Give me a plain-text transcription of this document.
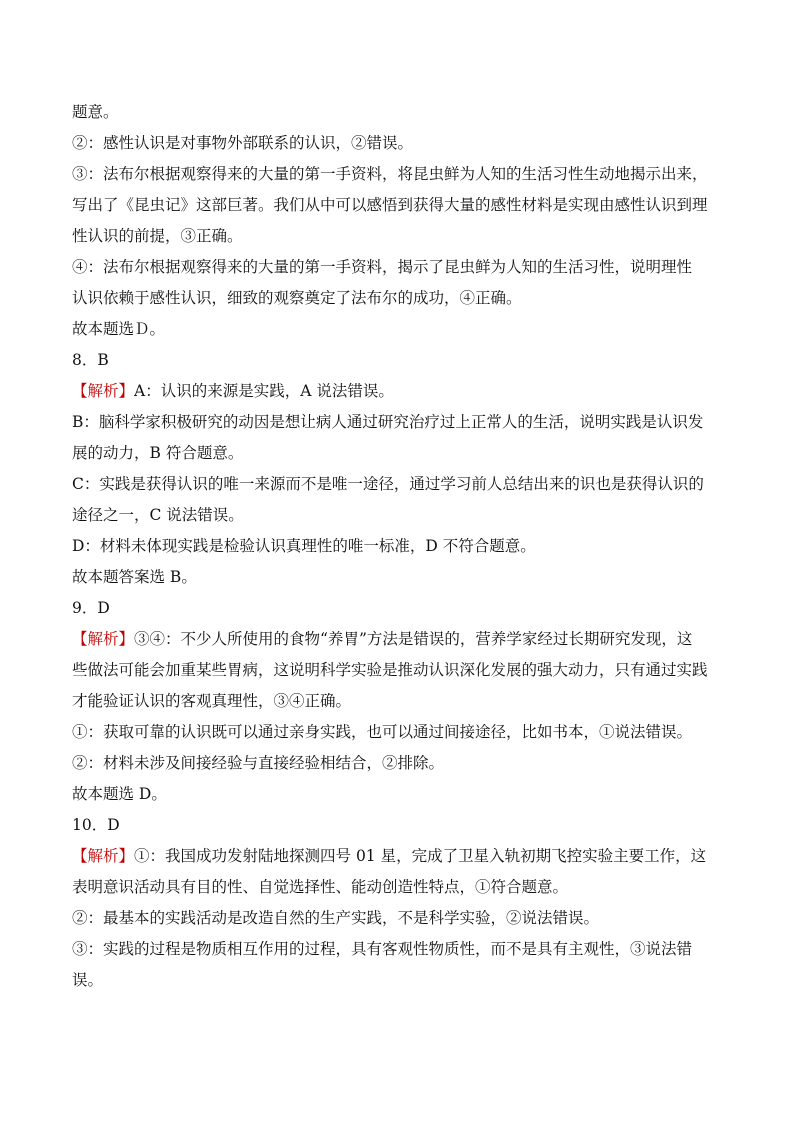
题意。

②：感性认识是对事物外部联系的认识，②错误。

③：法布尔根据观察得来的大量的第一手资料，将昆虫鲜为人知的生活习性生动地揭示出来，

写出了《昆虫记》这部巨著。我们从中可以感悟到获得大量的感性材料是实现由感性认识到理

性认识的前提，③正确。

④：法布尔根据观察得来的大量的第一手资料，揭示了昆虫鲜为人知的生活习性，说明理性

认识依赖于感性认识，细致的观察奠定了法布尔的成功，④正确。

故本题选Ｄ。

8．B

【解析】A：认识的来源是实践，A 说法错误。

B：脑科学家积极研究的动因是想让病人通过研究治疗过上正常人的生活，说明实践是认识发

展的动力，B 符合题意。

C：实践是获得认识的唯一来源而不是唯一途径，通过学习前人总结出来的识也是获得认识的

途径之一，C 说法错误。

D：材料未体现实践是检验认识真理性的唯一标准，D 不符合题意。

故本题答案选 B。

9．D

【解析】③④：不少人所使用的食物“养胃”方法是错误的，营养学家经过长期研究发现，这

些做法可能会加重某些胃病，这说明科学实验是推动认识深化发展的强大动力，只有通过实践

才能验证认识的客观真理性，③④正确。

①：获取可靠的认识既可以通过亲身实践，也可以通过间接途径，比如书本，①说法错误。

②：材料未涉及间接经验与直接经验相结合，②排除。

故本题选 D。

10．D

【解析】①：我国成功发射陆地探测四号 01 星，完成了卫星入轨初期飞控实验主要工作，这

表明意识活动具有目的性、自觉选择性、能动创造性特点，①符合题意。

②：最基本的实践活动是改造自然的生产实践，不是科学实验，②说法错误。

③：实践的过程是物质相互作用的过程，具有客观性物质性，而不是具有主观性，③说法错

误。
